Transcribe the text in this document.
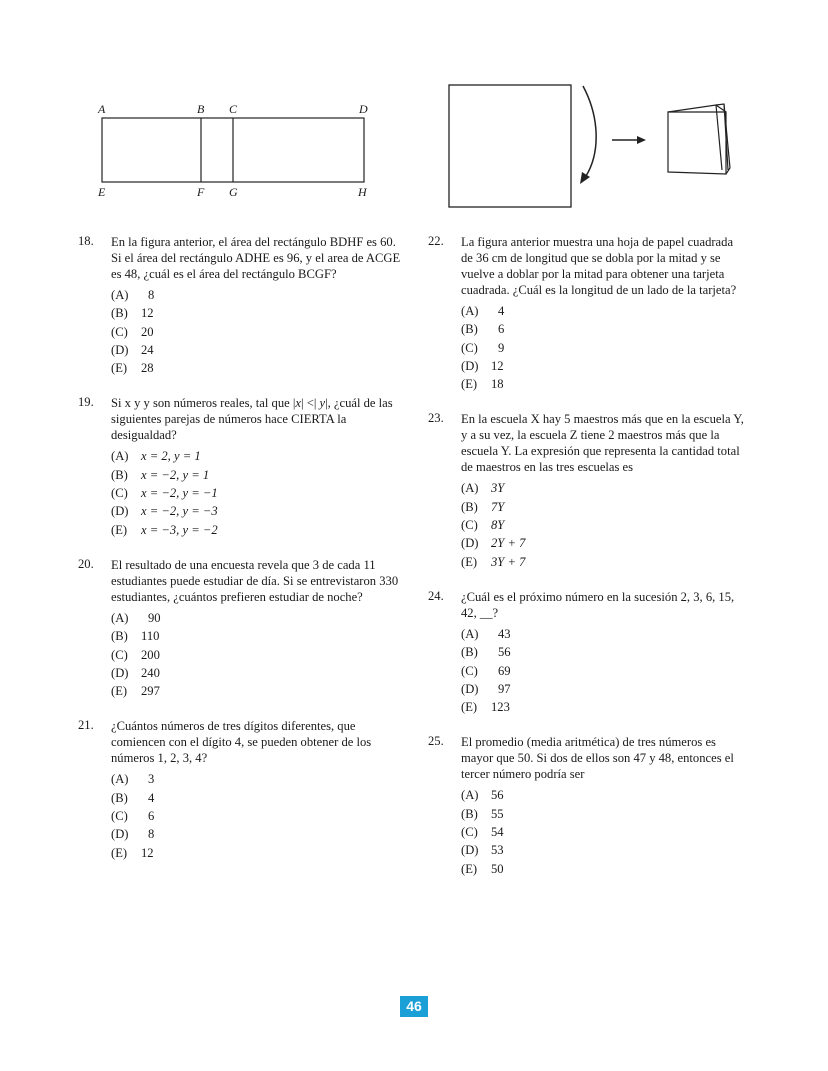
A	B C	D
E	F G	H
18. En la figura anterior, el área del rectángulo BDHF es 60. Si el área del rectángulo ADHE es 96, y el area de ACGE es 48, ¿cuál es el área del rectángulo BCGF?
(A) 8
(B) 12
(C) 20
(D) 24
(E) 28
19. Si x y y son números reales, tal que |x| <| y|, ¿cuál de las siguientes parejas de números hace CIERTA la desigualdad?
(A) x = 2, y = 1
(B) x = −2, y = 1
(C) x = −2, y = −1
(D) x = −2, y = −3
(E) x = −3, y = −2
20. El resultado de una encuesta revela que 3 de cada 11 estudiantes puede estudiar de día. Si se entrevistaron 330 estudiantes, ¿cuántos prefieren estudiar de noche?
(A) 90
(B) 110
(C) 200
(D) 240
(E) 297
21. ¿Cuántos números de tres dígitos diferentes, que comiencen con el dígito 4, se pueden obtener de los números 1, 2, 3, 4?
(A) 3
(B) 4
(C) 6
(D) 8
(E) 12
22. La figura anterior muestra una hoja de papel cuadrada de 36 cm de longitud que se dobla por la mitad y se vuelve a doblar por la mitad para obtener una tarjeta cuadrada. ¿Cuál es la longitud de un lado de la tarjeta?
(A) 4
(B) 6
(C) 9
(D) 12
(E) 18
23. En la escuela X hay 5 maestros más que en la escuela Y, y a su vez, la escuela Z tiene 2 maestros más que la escuela Y. La expresión que representa la cantidad total de maestros en las tres escuelas es
(A) 3Y
(B) 7Y
(C) 8Y
(D) 2Y + 7
(E) 3Y + 7
24. ¿Cuál es el próximo número en la sucesión 2, 3, 6, 15, 42, __?
(A) 43
(B) 56
(C) 69
(D) 97
(E) 123
25. El promedio (media aritmética) de tres números es mayor que 50. Si dos de ellos son 47 y 48, entonces el tercer número podría ser
(A) 56
(B) 55
(C) 54
(D) 53
(E) 50
46
